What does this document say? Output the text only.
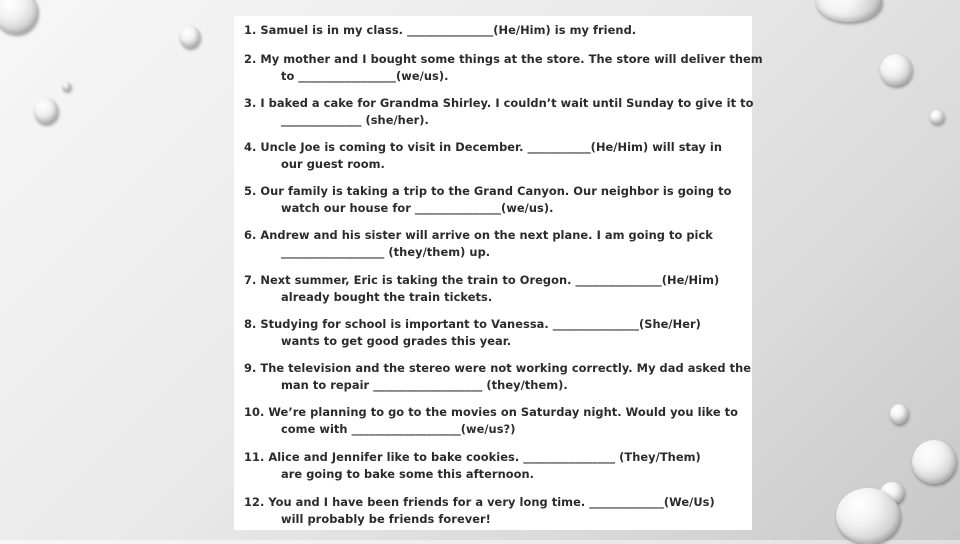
1. Samuel is in my class. _______________(He/Him) is my friend.
2. My mother and I bought some things at the store. The store will deliver them
to _________________(we/us).
3. I baked a cake for Grandma Shirley. I couldn’t wait until Sunday to give it to
______________ (she/her).
4. Uncle Joe is coming to visit in December. ___________(He/Him) will stay in
our guest room.
5. Our family is taking a trip to the Grand Canyon. Our neighbor is going to
watch our house for _______________(we/us).
6. Andrew and his sister will arrive on the next plane. I am going to pick
__________________ (they/them) up.
7. Next summer, Eric is taking the train to Oregon. _______________(He/Him)
already bought the train tickets.
8. Studying for school is important to Vanessa. _______________(She/Her)
wants to get good grades this year.
9. The television and the stereo were not working correctly. My dad asked the
man to repair ___________________ (they/them).
10. We’re planning to go to the movies on Saturday night. Would you like to
come with ___________________(we/us?)
11. Alice and Jennifer like to bake cookies. ________________ (They/Them)
are going to bake some this afternoon.
12. You and I have been friends for a very long time. _____________(We/Us)
will probably be friends forever!
